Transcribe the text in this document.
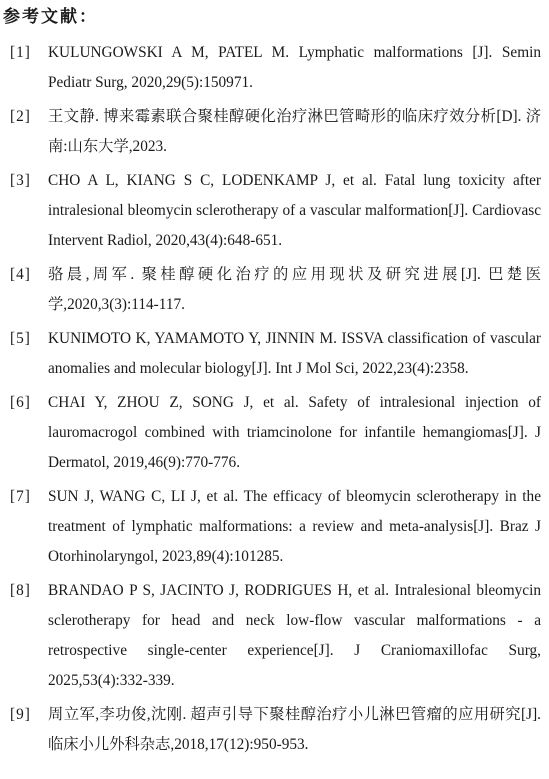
参考文献：
[1]	KULUNGOWSKI A M, PATEL M. Lymphatic malformations [J]. Semin Pediatr Surg, 2020,29(5):150971.
[2]	王文静. 博来霉素联合聚桂醇硬化治疗淋巴管畸形的临床疗效分析[D]. 济南:山东大学,2023.
[3]	CHO A L, KIANG S C, LODENKAMP J, et al. Fatal lung toxicity after intralesional bleomycin sclerotherapy of a vascular malformation[J]. Cardiovasc Intervent Radiol, 2020,43(4):648-651.
[4]	骆晨,周军. 聚桂醇硬化治疗的应用现状及研究进展[J]. 巴楚医学,2020,3(3):114-117.
[5]	KUNIMOTO K, YAMAMOTO Y, JINNIN M. ISSVA classification of vascular anomalies and molecular biology[J]. Int J Mol Sci, 2022,23(4):2358.
[6]	CHAI Y, ZHOU Z, SONG J, et al. Safety of intralesional injection of lauromacrogol combined with triamcinolone for infantile hemangiomas[J]. J Dermatol, 2019,46(9):770-776.
[7]	SUN J, WANG C, LI J, et al. The efficacy of bleomycin sclerotherapy in the treatment of lymphatic malformations: a review and meta-analysis[J]. Braz J Otorhinolaryngol, 2023,89(4):101285.
[8]	BRANDAO P S, JACINTO J, RODRIGUES H, et al. Intralesional bleomycin sclerotherapy for head and neck low-flow vascular malformations - a retrospective single-center experience[J]. J Craniomaxillofac Surg, 2025,53(4):332-339.
[9]	周立军,李功俊,沈刚. 超声引导下聚桂醇治疗小儿淋巴管瘤的应用研究[J]. 临床小儿外科杂志,2018,17(12):950-953.
